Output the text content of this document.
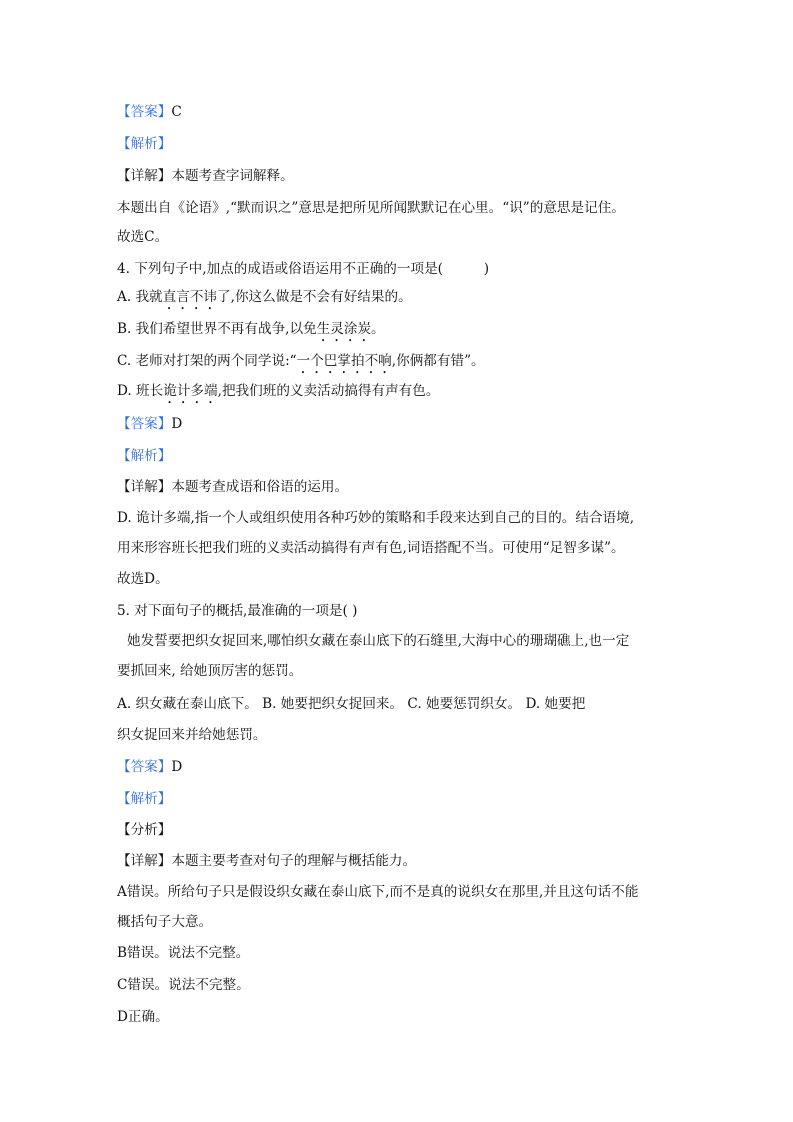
【答案】C
【解析】
【详解】本题考查字词解释。
本题出自《论语》,“默而识之”意思是把所见所闻默默记在心里。“识”的意思是记住。
故选C。
4. 下列句子中,加点的成语或俗语运用不正确的一项是(　　　)
A. 我就直言不讳了,你这么做是不会有好结果的。
B. 我们希望世界不再有战争,以免生灵涂炭。
C. 老师对打架的两个同学说:“一个巴掌拍不响,你俩都有错”。
D. 班长诡计多端,把我们班的义卖活动搞得有声有色。
【答案】D
【解析】
【详解】本题考查成语和俗语的运用。
D. 诡计多端,指一个人或组织使用各种巧妙的策略和手段来达到自己的目的。结合语境,
用来形容班长把我们班的义卖活动搞得有声有色,词语搭配不当。可使用“足智多谋”。
故选D。
5. 对下面句子的概括,最准确的一项是( )
她发誓要把织女捉回来,哪怕织女藏在泰山底下的石缝里,大海中心的珊瑚礁上,也一定
要抓回来, 给她顶厉害的惩罚。
A. 织女藏在泰山底下。 B. 她要把织女捉回来。 C. 她要惩罚织女。 D. 她要把
织女捉回来并给她惩罚。
【答案】D
【解析】
【分析】
【详解】本题主要考查对句子的理解与概括能力。
A错误。所给句子只是假设织女藏在泰山底下,而不是真的说织女在那里,并且这句话不能
概括句子大意。
B错误。说法不完整。
C错误。说法不完整。
D正确。
